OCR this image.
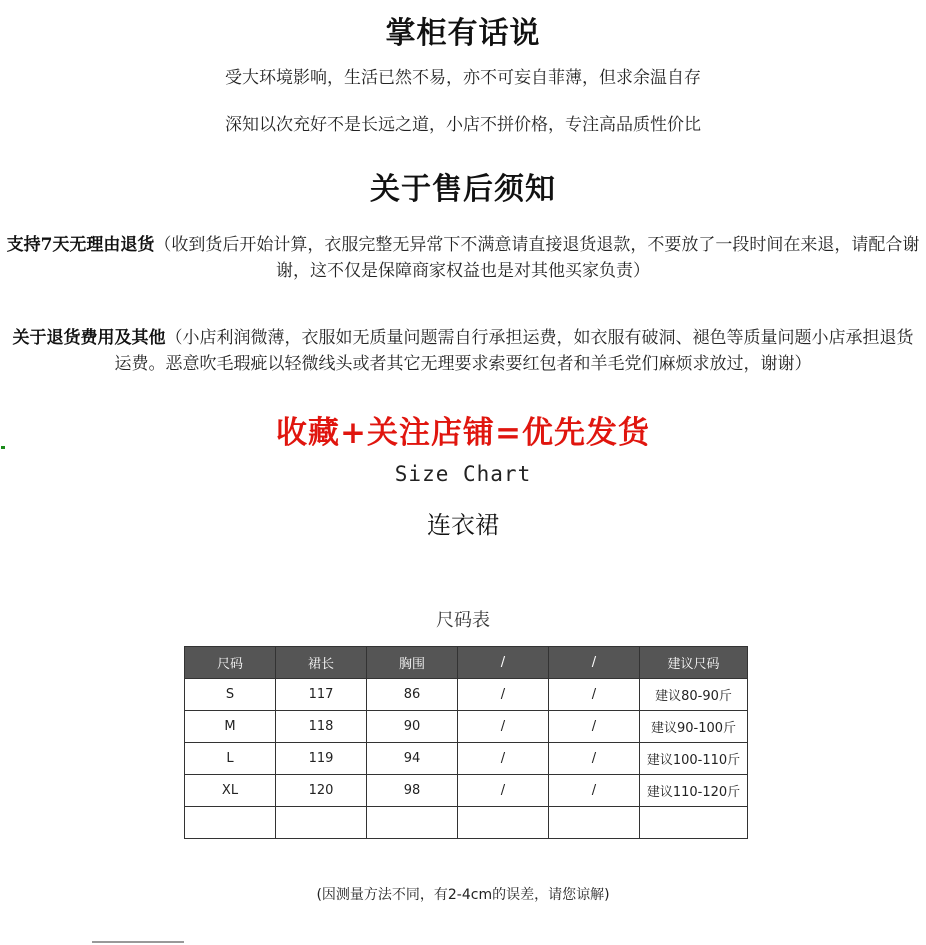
掌柜有话说
受大环境影响，生活已然不易，亦不可妄自菲薄，但求余温自存
深知以次充好不是长远之道，小店不拼价格，专注高品质性价比
关于售后须知
支持7天无理由退货（收到货后开始计算，衣服完整无异常下不满意请直接退货退款，不要放了一段时间在来退，请配合谢谢，这不仅是保障商家权益也是对其他买家负责）
关于退货费用及其他（小店利润微薄，衣服如无质量问题需自行承担运费，如衣服有破洞、褪色等质量问题小店承担退货运费。恶意吹毛瑕疵以轻微线头或者其它无理要求索要红包者和羊毛党们麻烦求放过，谢谢）
收藏+关注店铺=优先发货
Size Chart
连衣裙
尺码表
尺码	裙长	胸围	/	/	建议尺码
S	117	86	/	/	建议80-90斤
M	118	90	/	/	建议90-100斤
L	119	94	/	/	建议100-110斤
XL	120	98	/	/	建议110-120斤

(因测量方法不同，有2-4cm的误差，请您谅解)
